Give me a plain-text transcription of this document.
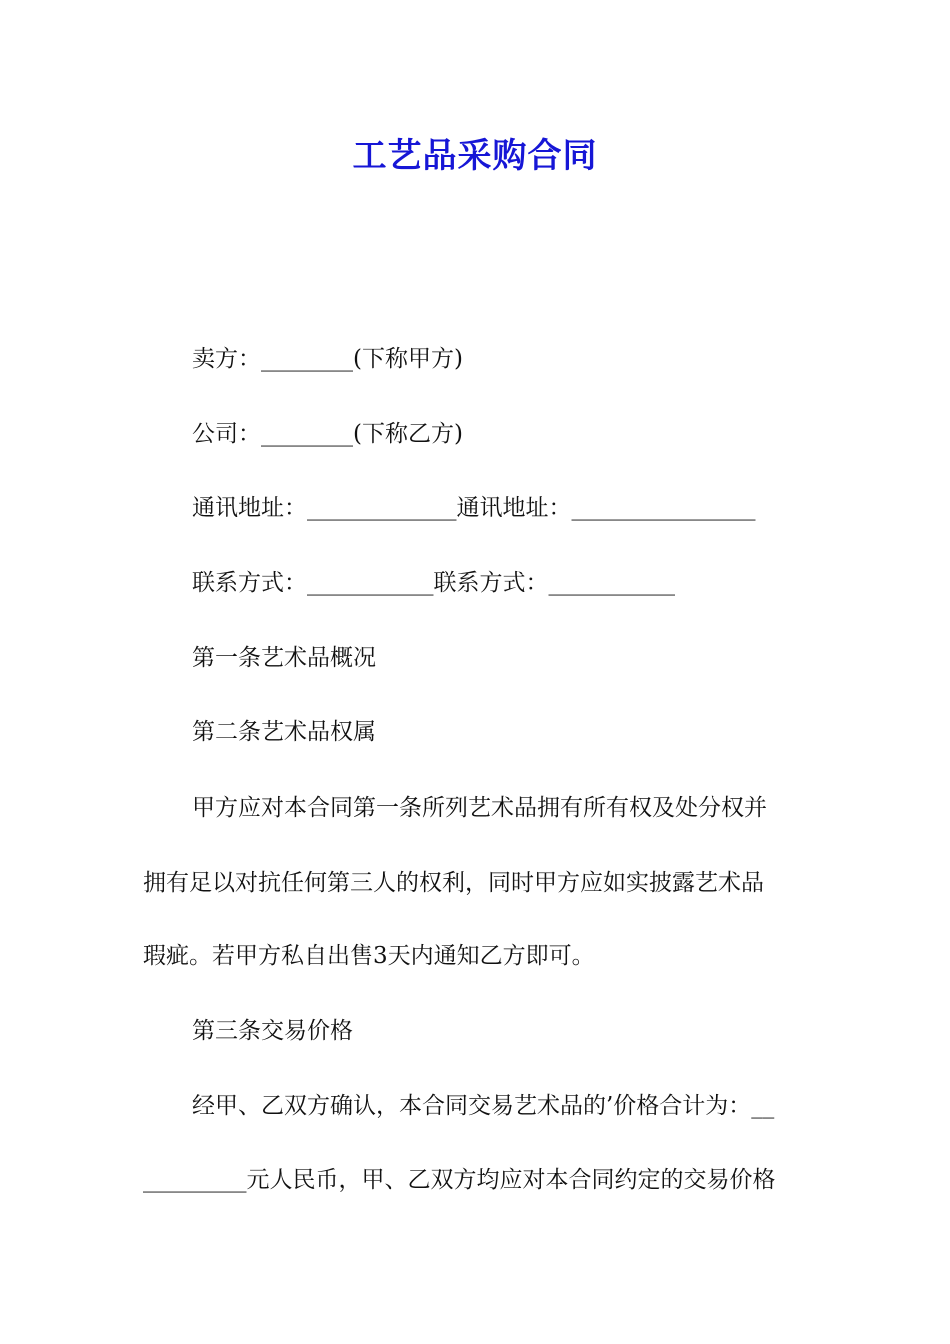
工艺品采购合同
卖方：________(下称甲方)
公司：________(下称乙方)
通讯地址：_____________通讯地址：________________
联系方式：___________联系方式：___________
第一条艺术品概况
第二条艺术品权属
甲方应对本合同第一条所列艺术品拥有所有权及处分权并
拥有足以对抗任何第三人的权利，同时甲方应如实披露艺术品
瑕疵。若甲方私自出售3天内通知乙方即可。
第三条交易价格
经甲、乙双方确认，本合同交易艺术品的’价格合计为：__
_________元人民币，甲、乙双方均应对本合同约定的交易价格
